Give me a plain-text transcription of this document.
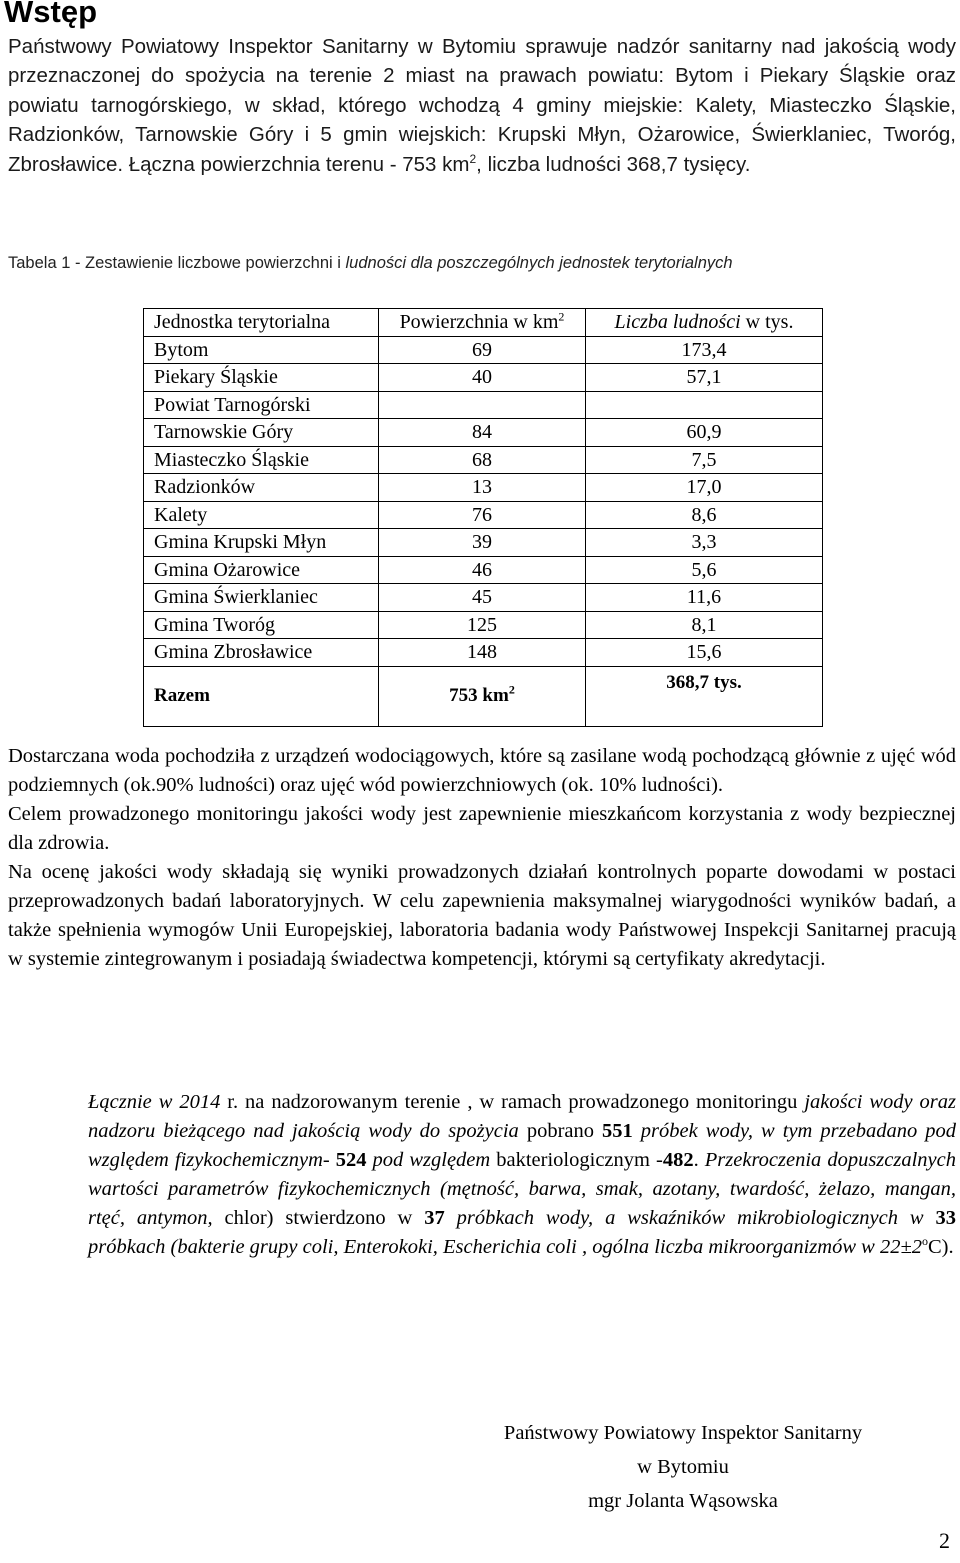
Wstęp
Państwowy Powiatowy Inspektor Sanitarny w Bytomiu sprawuje nadzór sanitarny nad jakością wody przeznaczonej do spożycia na terenie 2 miast na prawach powiatu: Bytom i Piekary Śląskie oraz powiatu tarnogórskiego, w skład, którego wchodzą 4 gminy miejskie: Kalety, Miasteczko Śląskie, Radzionków, Tarnowskie Góry i 5 gmin wiejskich: Krupski Młyn, Ożarowice, Świerklaniec, Tworóg, Zbrosławice. Łączna powierzchnia terenu - 753 $km^2$, liczba ludności 368,7 tysięcy.
Tabela 1 - Zestawienie liczbowe powierzchni i ludności dla poszczególnych jednostek terytorialnych
Jednostka terytorialna	Powierzchnia w $km^2$	Liczba ludności w tys.
Bytom	69	173,4
Piekary Śląskie	40	57,1
Powiat Tarnogórski		
Tarnowskie Góry	84	60,9
Miasteczko Śląskie	68	7,5
Radzionków	13	17,0
Kalety	76	8,6
Gmina Krupski Młyn	39	3,3
Gmina Ożarowice	46	5,6
Gmina Świerklaniec	45	11,6
Gmina Tworóg	125	8,1
Gmina Zbrosławice	148	15,6
Razem	753 $km^2$	368,7 tys.

Dostarczana woda pochodziła z urządzeń wodociągowych, które są zasilane wodą pochodzącą głównie z ujęć wód podziemnych (ok.90% ludności) oraz ujęć wód powierzchniowych (ok. 10% ludności).

Celem prowadzonego monitoringu jakości wody jest zapewnienie mieszkańcom korzystania z wody bezpiecznej dla zdrowia.

Na ocenę jakości wody składają się wyniki prowadzonych działań kontrolnych poparte dowodami w postaci przeprowadzonych badań laboratoryjnych. W celu zapewnienia maksymalnej wiarygodności wyników badań, a także spełnienia wymogów Unii Europejskiej, laboratoria badania wody Państwowej Inspekcji Sanitarnej pracują w systemie zintegrowanym i posiadają świadectwa kompetencji, którymi są certyfikaty akredytacji.

Łącznie w 2014 r. na nadzorowanym terenie , w ramach prowadzonego monitoringu jakości wody oraz nadzoru bieżącego nad jakością wody do spożycia pobrano 551 próbek wody, w tym przebadano pod względem fizykochemicznym- 524 pod względem bakteriologicznym -482. Przekroczenia dopuszczalnych wartości parametrów fizykochemicznych (mętność, barwa, smak, azotany, twardość, żelazo, mangan, rtęć, antymon, chlor) stwierdzono w 37 próbkach wody, a wskaźników mikrobiologicznych w 33 próbkach (bakterie grupy coli, Enterokoki, Escherichia coli , ogólna liczba mikroorganizmów w $22\pm 2^oC$).

Państwowy Powiatowy Inspektor Sanitarny
w Bytomiu
mgr Jolanta Wąsowska
2
